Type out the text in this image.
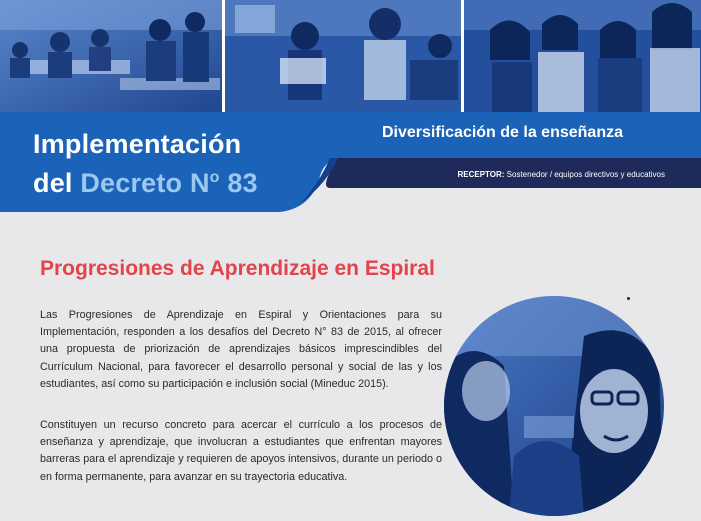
Implementación
del Decreto $N^o$ 83
Diversificación de la enseñanza
RECEPTOR: Sostenedor / equipos directivos y educativos
Progresiones de Aprendizaje en Espiral

Las Progresiones de Aprendizaje en Espiral y Orientaciones para su Implementación, responden a los desafíos del Decreto N° 83 de 2015, al ofrecer una propuesta de priorización de aprendizajes básicos imprescindibles del Currículum Nacional, para favorecer el desarrollo personal y social de las y los estudiantes, así como su participación e inclusión social (Mineduc 2015).

Constituyen un recurso concreto para acercar el currículo a los procesos de enseñanza y aprendizaje, que involucran a estudiantes que enfrentan mayores barreras para el aprendizaje y requieren de apoyos intensivos, durante un periodo o en forma permanente, para avanzar en su trayectoria educativa.
